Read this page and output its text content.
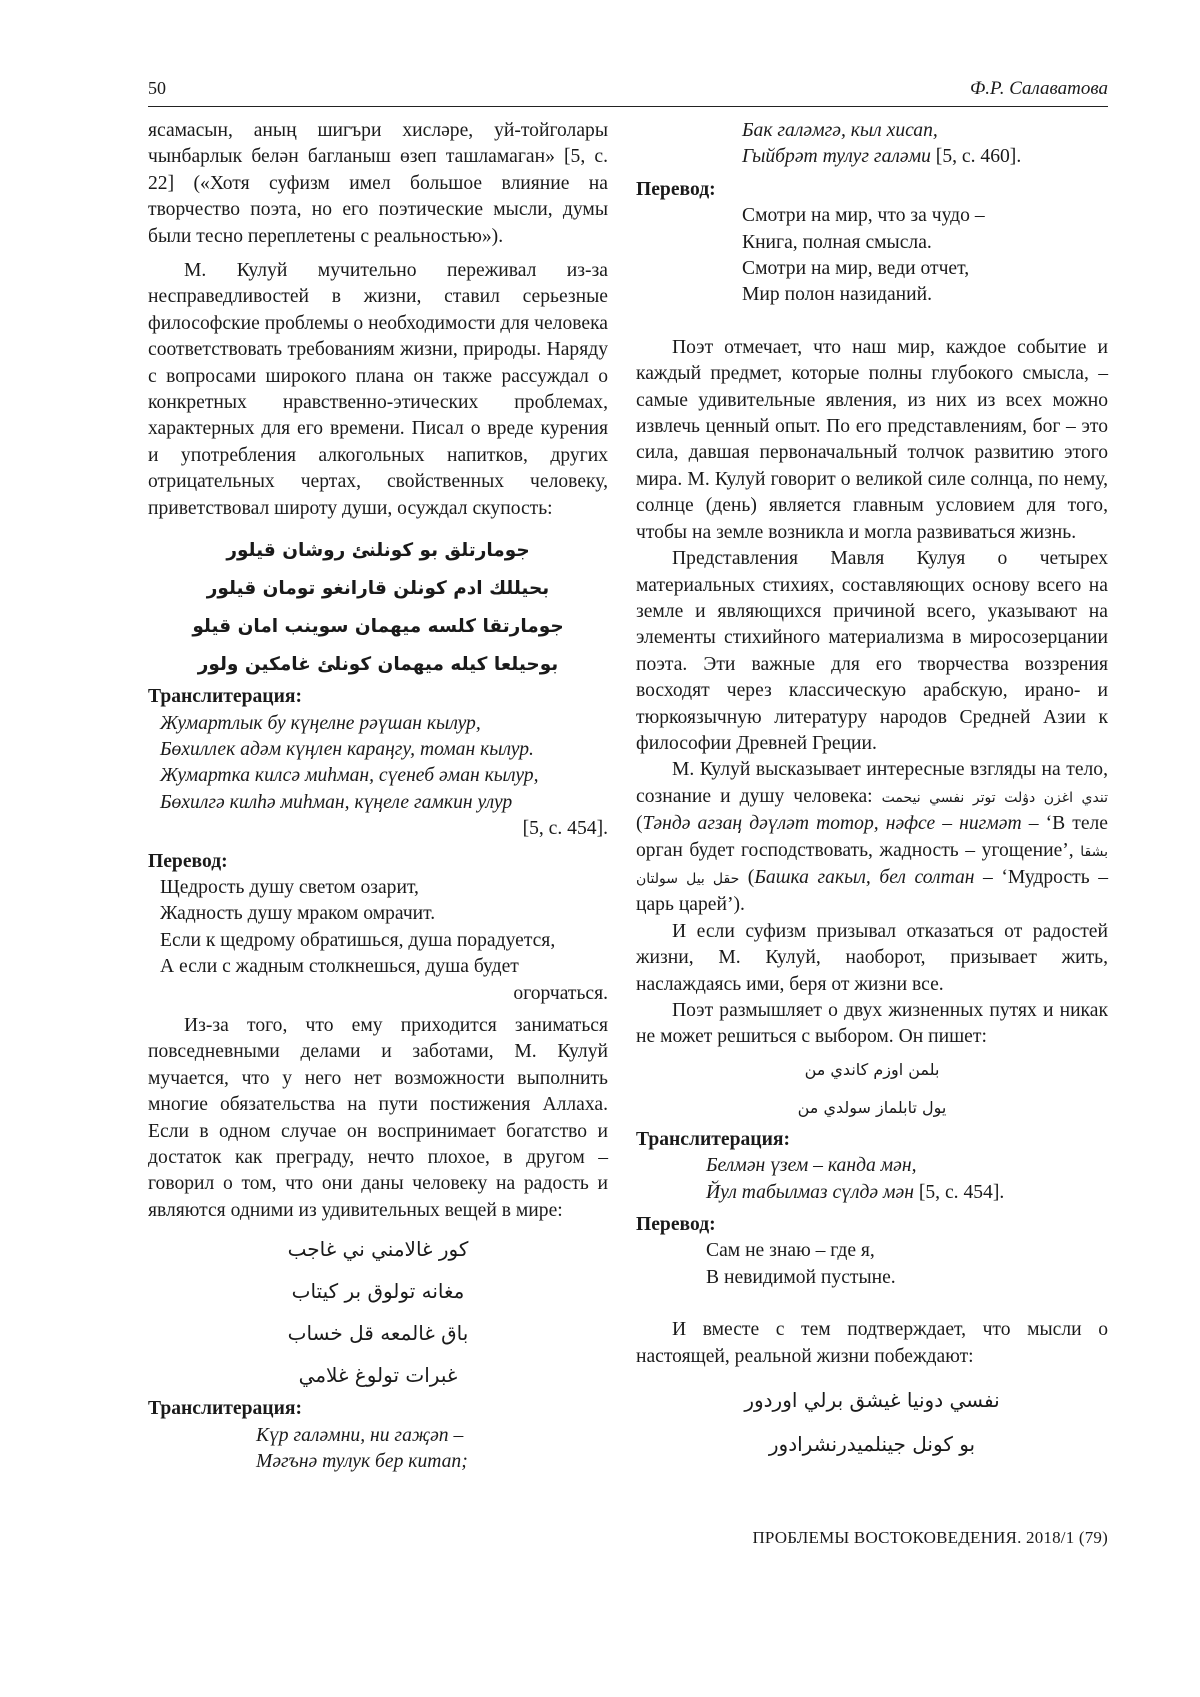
50	Ф.Р. Салаватова

ясамасын, аның шигъри хисләре, уй-тойголары чынбарлык белән багланыш өзеп ташламаган» [5, с. 22] («Хотя суфизм имел большое влияние на творчество поэта, но его поэтические мысли, думы были тесно переплетены с реальностью»).

М. Кулуй мучительно переживал из-за несправедливостей в жизни, ставил серьезные философские проблемы о необходимости для человека соответствовать требованиям жизни, природы. Наряду с вопросами широкого плана он также рассуждал о конкретных нравственно-этических проблемах, характерных для его времени. Писал о вреде курения и употребления алкогольных напитков, других отрицательных чертах, свойственных человеку, приветствовал широту души, осуждал скупость:

جومارتلق بو كونلنئ روشان قيلور

بحيللك ادم كونلن قارانغو تومان قيلور

جومارتقا كلسه ميهمان سوينب امان قيلو

بوحيلعا كيله ميهمان كونلئ غامكين ولور

Транслитерация:

Жумартлык бу күңелне рәүшан кылур,

Бөхиллек адәм күңлен караңгу, томан кылур.

Жумартка килсә миһман, сүенеб әман кылур,

Бөхилгә килһә миһман, күңеле гамкин улур

[5, с. 454].

Перевод:

Щедрость душу светом озарит,

Жадность душу мраком омрачит.

Если к щедрому обратишься, душа порадуется,

А если с жадным столкнешься, душа будет

огорчаться.

Из-за того, что ему приходится заниматься повседневными делами и заботами, М. Кулуй мучается, что у него нет возможности выполнить многие обязательства на пути постижения Аллаха. Если в одном случае он воспринимает богатство и достаток как преграду, нечто плохое, в другом – говорил о том, что они даны человеку на радость и являются одними из удивительных вещей в мире:

كور غالامني ني غاجب

مغانه تولوق بر كيتاب

باق غالمعه قل خساب

غبرات تولوغ غلامي

Транслитерация:

Күр галәмни, ни гаҗәп –

Мәгънә тулук бер китап;

Бак галәмгә, кыл хисап,

Гыйбрәт тулуг галәми [5, с. 460].

Перевод:

Смотри на мир, что за чудо –

Книга, полная смысла.

Смотри на мир, веди отчет,

Мир полон назиданий.

Поэт отмечает, что наш мир, каждое событие и каждый предмет, которые полны глубокого смысла, – самые удивительные явления, из них из всех можно извлечь ценный опыт. По его представлениям, бог – это сила, давшая первоначальный толчок развитию этого мира. М. Кулуй говорит о великой силе солнца, по нему, солнце (день) является главным условием для того, чтобы на земле возникла и могла развиваться жизнь.

Представления Мавля Кулуя о четырех материальных стихиях, составляющих основу всего на земле и являющихся причиной всего, указывают на элементы стихийного материализма в миросозерцании поэта. Эти важные для его творчества воззрения восходят через классическую арабскую, ирано- и тюркоязычную литературу народов Средней Азии к философии Древней Греции.

М. Кулуй высказывает интересные взгляды на тело, сознание и душу человека: تندي اغزن دۋلت توتر نفسي نيحمت (Тәндә агзаң дәүләт тотор, нәфсе – нигмәт – ‘В теле орган будет господствовать, жадность – угощение’, بشقا حقل بيل سولتان (Башка гакыл, бел солтан – ‘Мудрость – царь царей’).

И если суфизм призывал отказаться от радостей жизни, М. Кулуй, наоборот, призывает жить, наслаждаясь ими, беря от жизни все.

Поэт размышляет о двух жизненных путях и никак не может решиться с выбором. Он пишет:

بلمن اوزم كاندي من

يول تابلماز سولدي من

Транслитерация:

Белмән үзем – канда мән,

Йул табылмаз сүлдә мән [5, с. 454].

Перевод:

Сам не знаю – где я,

В невидимой пустыне.

И вместе с тем подтверждает, что мысли о настоящей, реальной жизни побеждают:

نفسي دونيا غيشق برلي اوردور

بو كونل جينلميدرنشرادور

ПРОБЛЕМЫ ВОСТОКОВЕДЕНИЯ. 2018/1 (79)
